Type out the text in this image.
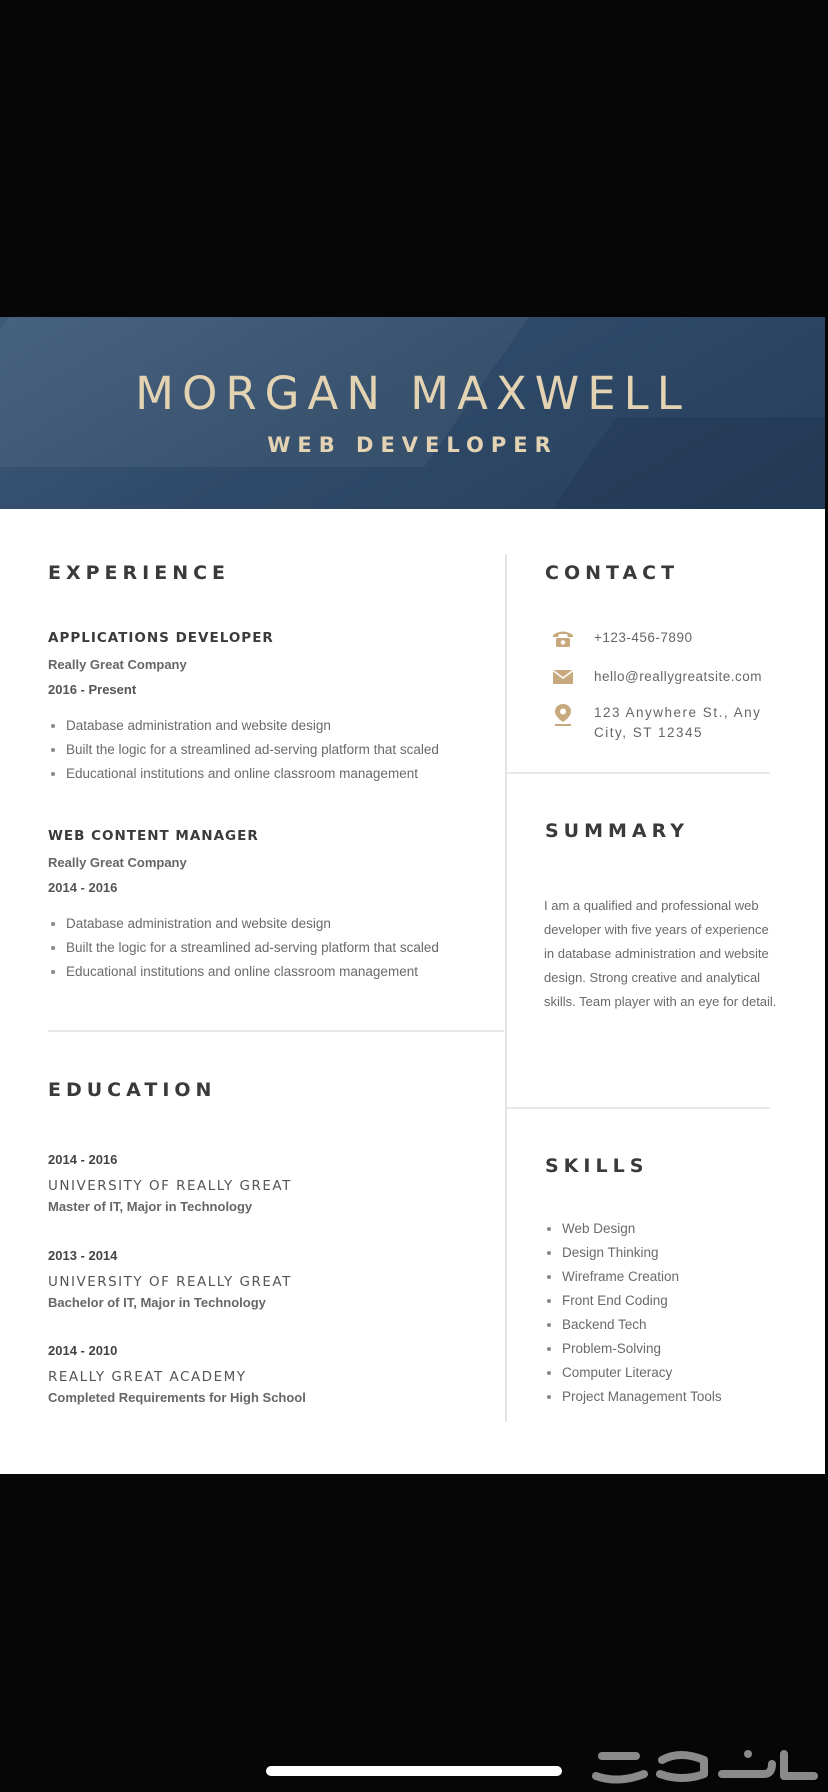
MORGAN MAXWELL
WEB DEVELOPER
EXPERIENCE
APPLICATIONS DEVELOPER
Really Great Company
2016 - Present
Database administration and website design
Built the logic for a streamlined ad-serving platform that scaled
Educational institutions and online classroom management
WEB CONTENT MANAGER
Really Great Company
2014 - 2016
Database administration and website design
Built the logic for a streamlined ad-serving platform that scaled
Educational institutions and online classroom management
EDUCATION
2014 - 2016
UNIVERSITY OF REALLY GREAT
Master of IT, Major in Technology
2013 - 2014
UNIVERSITY OF REALLY GREAT
Bachelor of IT, Major in Technology
2014 - 2010
REALLY GREAT ACADEMY
Completed Requirements for High School
CONTACT
+123-456-7890
hello@reallygreatsite.com
123 Anywhere St., Any City, ST 12345
SUMMARY

I am a qualified and professional web developer with five years of experience in database administration and website design. Strong creative and analytical skills. Team player with an eye for detail.

SKILLS
Web Design
Design Thinking
Wireframe Creation
Front End Coding
Backend Tech
Problem-Solving
Computer Literacy
Project Management Tools
